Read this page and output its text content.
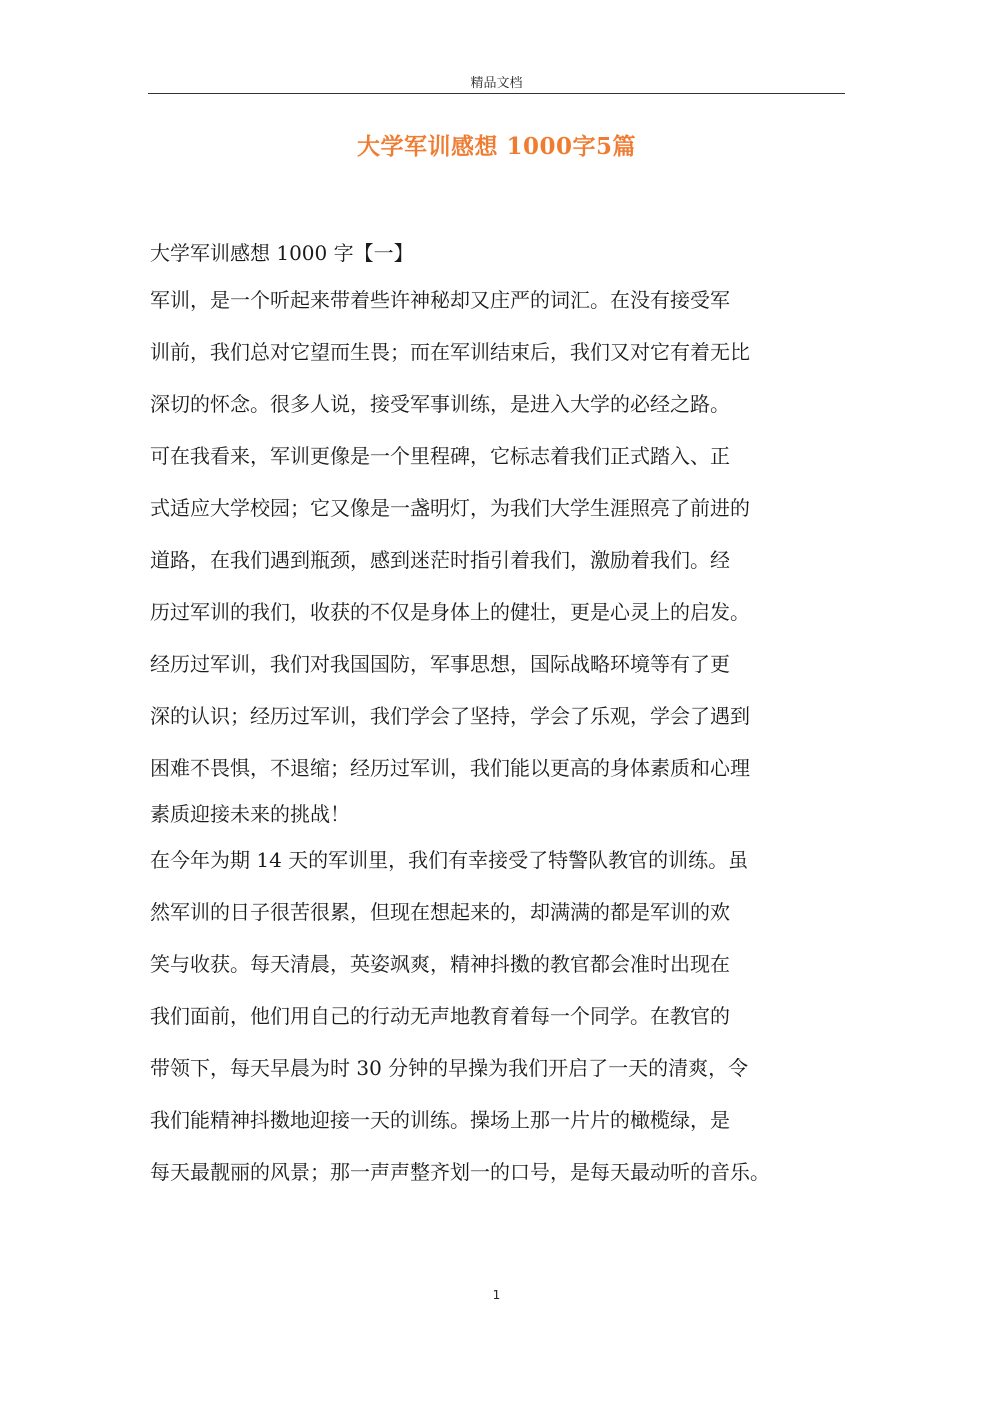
精品文档
大学军训感想 1000字5篇
大学军训感想 1000 字【一】
军训，是一个听起来带着些许神秘却又庄严的词汇。在没有接受军
训前，我们总对它望而生畏；而在军训结束后，我们又对它有着无比
深切的怀念。很多人说，接受军事训练，是进入大学的必经之路。
可在我看来，军训更像是一个里程碑，它标志着我们正式踏入、正
式适应大学校园；它又像是一盏明灯，为我们大学生涯照亮了前进的
道路，在我们遇到瓶颈，感到迷茫时指引着我们，激励着我们。经
历过军训的我们，收获的不仅是身体上的健壮，更是心灵上的启发。
经历过军训，我们对我国国防，军事思想，国际战略环境等有了更
深的认识；经历过军训，我们学会了坚持，学会了乐观，学会了遇到
困难不畏惧，不退缩；经历过军训，我们能以更高的身体素质和心理
素质迎接未来的挑战！
在今年为期 14 天的军训里，我们有幸接受了特警队教官的训练。虽
然军训的日子很苦很累，但现在想起来的，却满满的都是军训的欢
笑与收获。每天清晨，英姿飒爽，精神抖擞的教官都会准时出现在
我们面前，他们用自己的行动无声地教育着每一个同学。在教官的
带领下，每天早晨为时 30 分钟的早操为我们开启了一天的清爽，令
我们能精神抖擞地迎接一天的训练。操场上那一片片的橄榄绿，是
每天最靓丽的风景；那一声声整齐划一的口号，是每天最动听的音乐。
1
